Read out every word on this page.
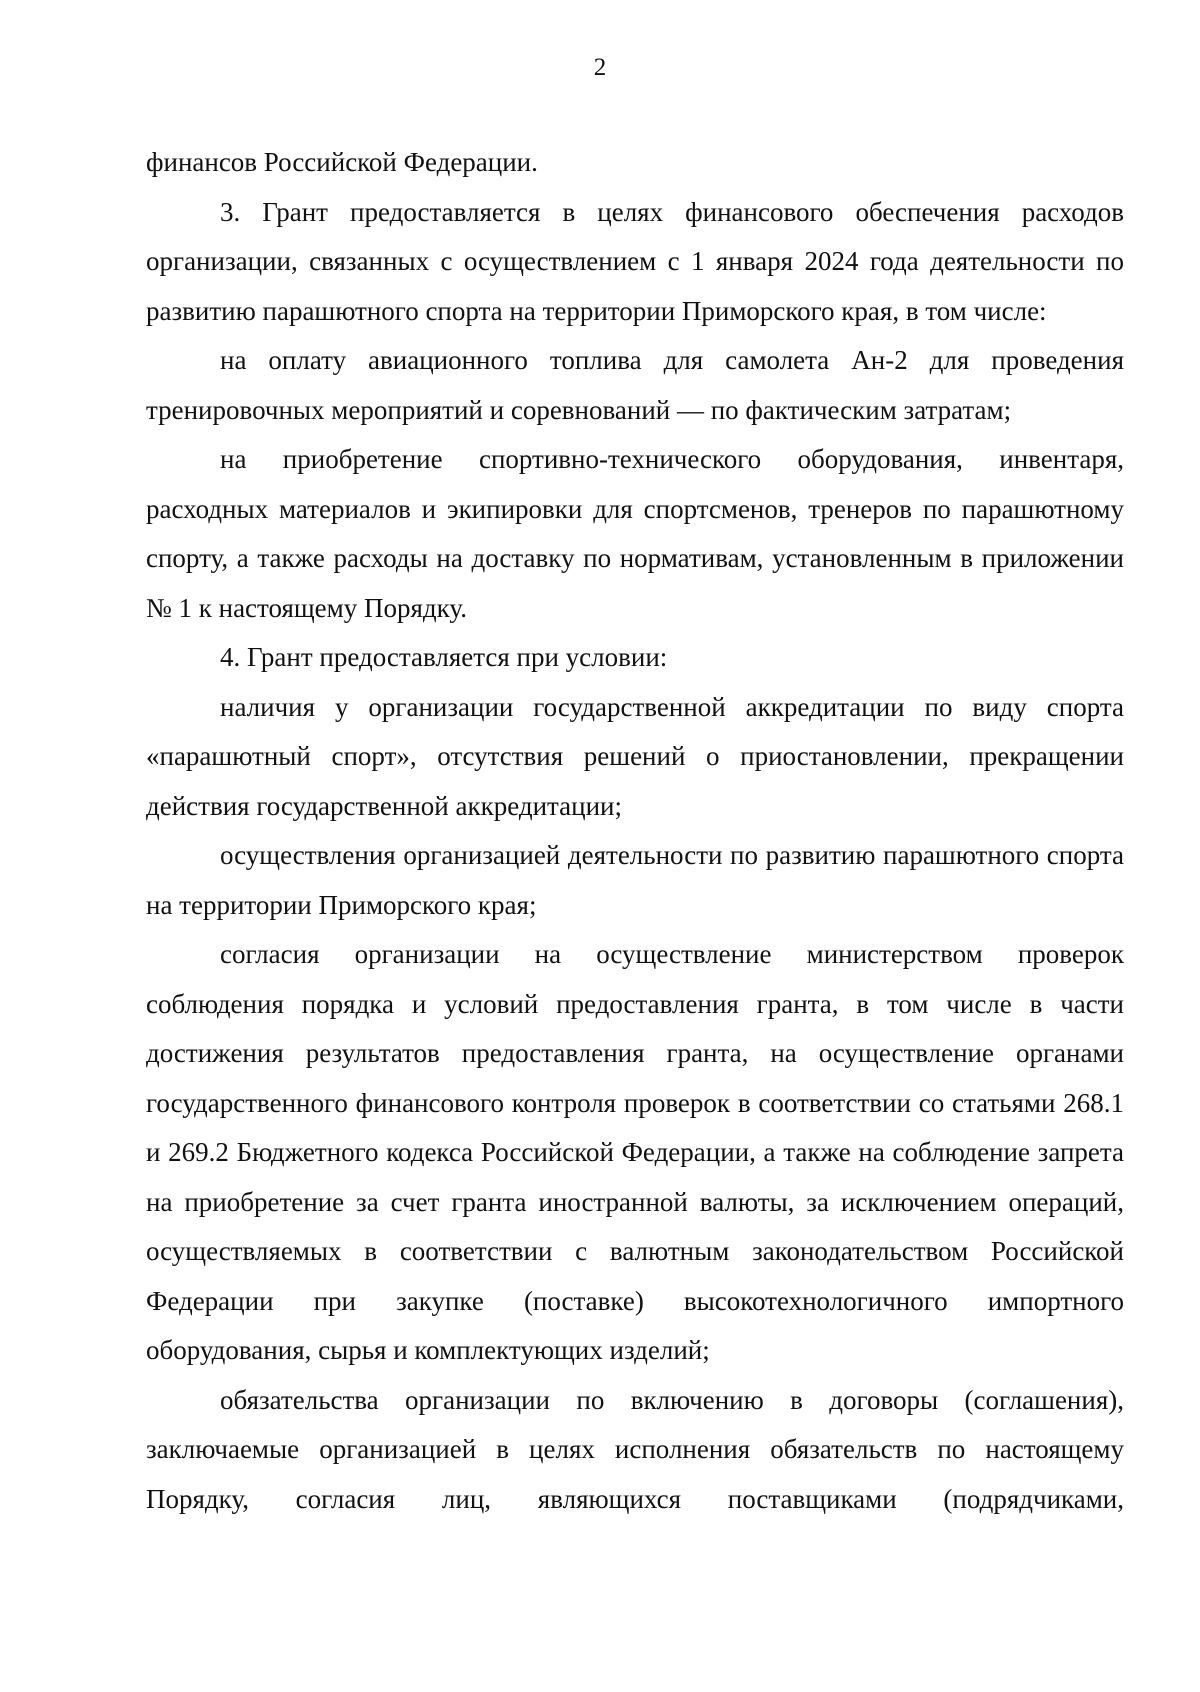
2

финансов Российской Федерации.

3. Грант предоставляется в целях финансового обеспечения расходов организации, связанных с осуществлением с 1 января 2024 года деятельности по развитию парашютного спорта на территории Приморского края, в том числе:

на оплату авиационного топлива для самолета Ан-2 для проведения тренировочных мероприятий и соревнований — по фактическим затратам;

на приобретение спортивно-технического оборудования, инвентаря, расходных материалов и экипировки для спортсменов, тренеров по парашютному спорту, а также расходы на доставку по нормативам, установленным в приложении № 1 к настоящему Порядку.

4. Грант предоставляется при условии:

наличия у организации государственной аккредитации по виду спорта «парашютный спорт», отсутствия решений о приостановлении, прекращении действия государственной аккредитации;

осуществления организацией деятельности по развитию парашютного спорта на территории Приморского края;

согласия организации на осуществление министерством проверок соблюдения порядка и условий предоставления гранта, в том числе в части достижения результатов предоставления гранта, на осуществление органами государственного финансового контроля проверок в соответствии со статьями 268.1 и 269.2 Бюджетного кодекса Российской Федерации, а также на соблюдение запрета на приобретение за счет гранта иностранной валюты, за исключением операций, осуществляемых в соответствии с валютным законодательством Российской Федерации при закупке (поставке) высокотехнологичного импортного оборудования, сырья и комплектующих изделий;

обязательства организации по включению в договоры (соглашения), заключаемые организацией в целях исполнения обязательств по настоящему Порядку, согласия лиц, являющихся поставщиками (подрядчиками,
